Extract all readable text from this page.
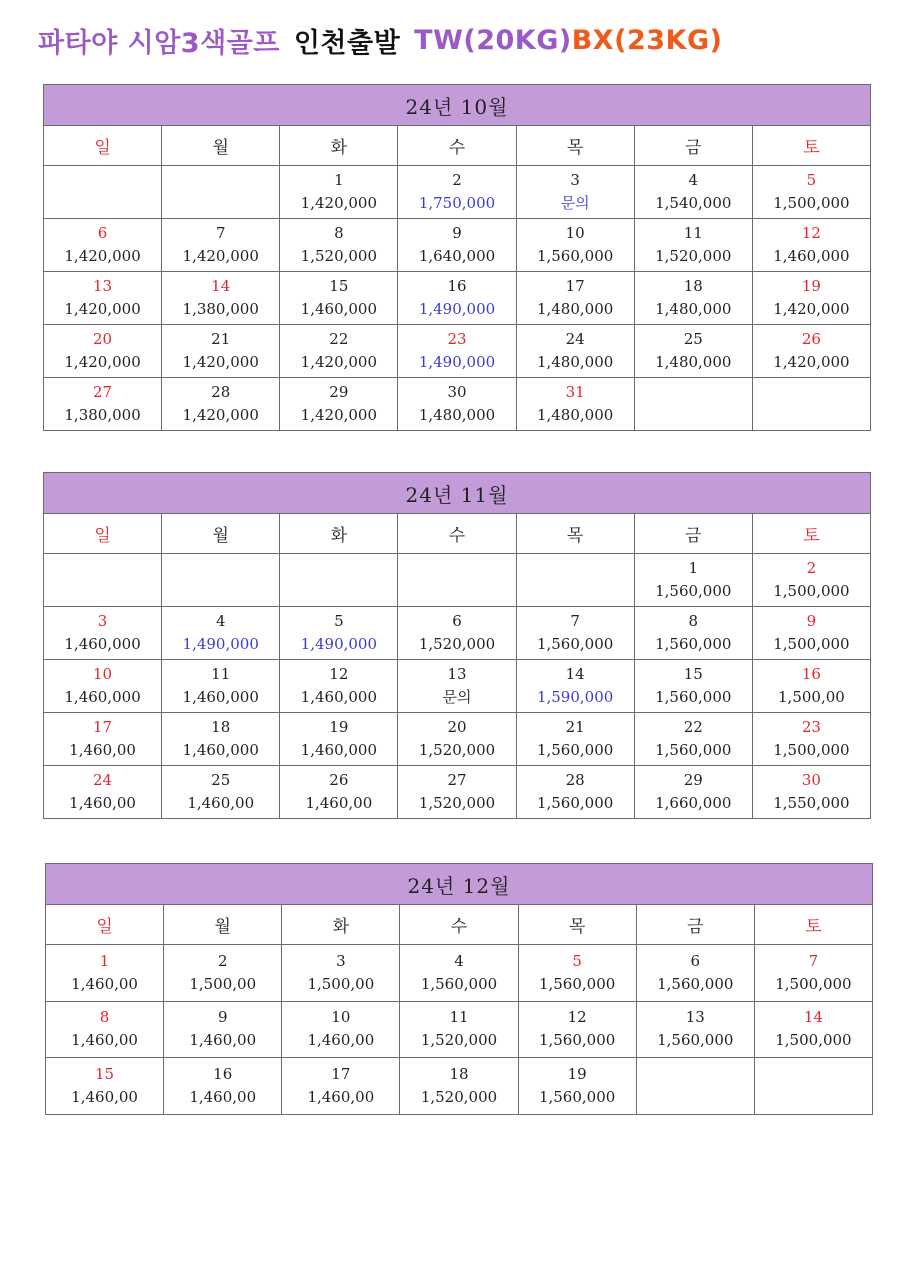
파타야 시암3색골프 인천출발 TW(20KG) BX(23KG)
24년 10월						
일	월	화	수	목	금	토

		1
1,420,000	2
1,750,000	3
문의	4
1,540,000	5
1,500,000

6
1,420,000	7
1,420,000	8
1,520,000	9
1,640,000	10
1,560,000	11
1,520,000	12
1,460,000

13
1,420,000	14
1,380,000	15
1,460,000	16
1,490,000	17
1,480,000	18
1,480,000	19
1,420,000

20
1,420,000	21
1,420,000	22
1,420,000	23
1,490,000	24
1,480,000	25
1,480,000	26
1,420,000

27
1,380,000	28
1,420,000	29
1,420,000	30
1,480,000	31
1,480,000		

24년 11월						
일	월	화	수	목	금	토

					1
1,560,000	2
1,500,000

3
1,460,000	4
1,490,000	5
1,490,000	6
1,520,000	7
1,560,000	8
1,560,000	9
1,500,000

10
1,460,000	11
1,460,000	12
1,460,000	13
문의	14
1,590,000	15
1,560,000	16
1,500,00

17
1,460,00	18
1,460,000	19
1,460,000	20
1,520,000	21
1,560,000	22
1,560,000	23
1,500,000

24
1,460,00	25
1,460,00	26
1,460,00	27
1,520,000	28
1,560,000	29
1,660,000	30
1,550,000
24년 12월						
일	월	화	수	목	금	토

1
1,460,00	2
1,500,00	3
1,500,00	4
1,560,000	5
1,560,000	6
1,560,000	7
1,500,000

8
1,460,00	9
1,460,00	10
1,460,00	11
1,520,000	12
1,560,000	13
1,560,000	14
1,500,000

15
1,460,00	16
1,460,00	17
1,460,00	18
1,520,000	19
1,560,000		
